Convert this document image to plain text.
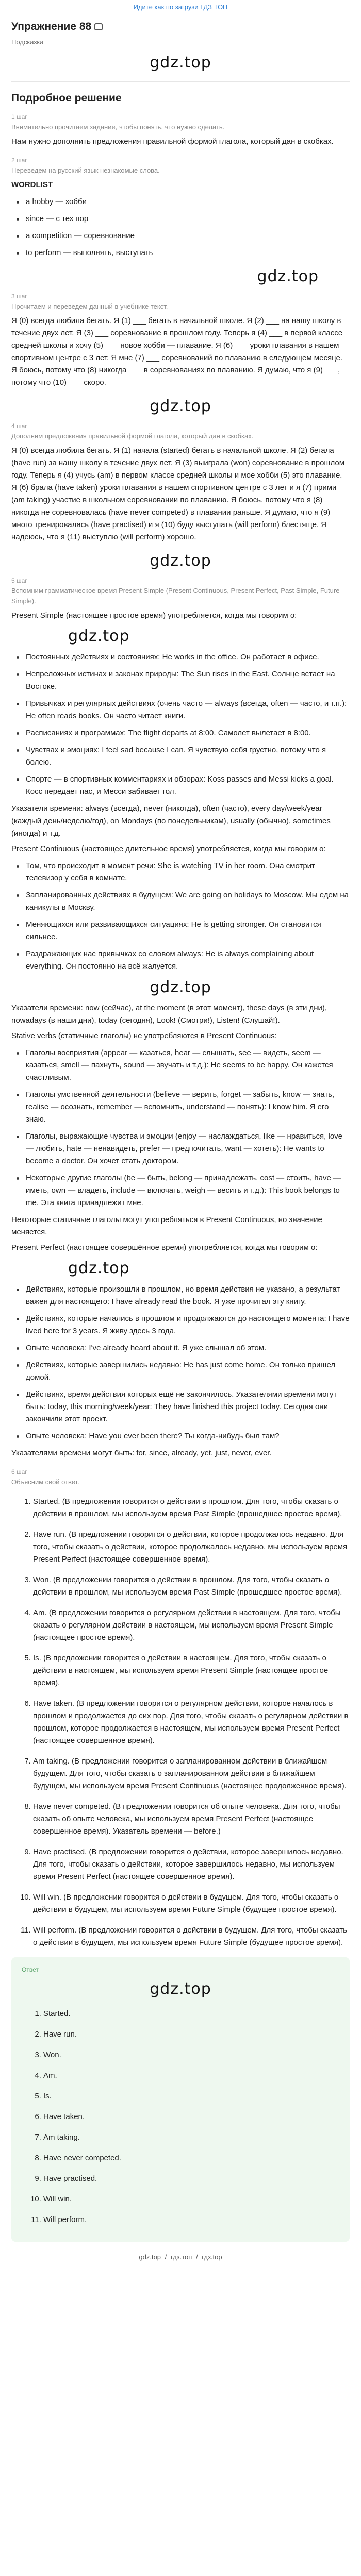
Идите как по загрузи ГДЗ ТОП
Упражнение 88
Подсказка
gdz.top
Подробное решение
1 шаг
Внимательно прочитаем задание, чтобы понять, что нужно сделать.
Нам нужно дополнить предложения правильной формой глагола, который дан в скобках.
2 шаг
Переведем на русский язык незнакомые слова.
WORDLIST
a hobby — хобби
since — с тех пор
a competition — соревнование
to perform — выполнять, выступать
gdz.top
3 шаг
Прочитаем и переведем данный в учебнике текст.
Я (0) всегда любила бегать. Я (1) ___ бегать в начальной школе. Я (2) ___ на нашу школу в течение двух лет. Я (3) ___ соревнование в прошлом году. Теперь я (4) ___ в первой классе средней школы и хочу (5) ___ новое хобби — плавание. Я (6) ___ уроки плавания в нашем спортивном центре с 3 лет. Я мне (7) ___ соревнований по плаванию в следующем месяце. Я боюсь, потому что (8) никогда ___ в соревнованиях по плаванию. Я думаю, что я (9) ___, потому что (10) ___ скоро.
gdz.top
4 шаг
Дополним предложения правильной формой глагола, который дан в скобках.
Я (0) всегда любила бегать. Я (1) начала (started) бегать в начальной школе. Я (2) бегала (have run) за нашу школу в течение двух лет. Я (3) выиграла (won) соревнование в прошлом году. Теперь я (4) учусь (am) в первом классе средней школы и мое хобби (5) это плавание. Я (6) брала (have taken) уроки плавания в нашем спортивном центре с 3 лет и я (7) прими (am taking) участие в школьном соревновании по плаванию. Я боюсь, потому что я (8) никогда не соревновалась (have never competed) в плавании раньше. Я думаю, что я (9) много тренировалась (have practised) и я (10) буду выступать (will perform) блестяще. Я надеюсь, что я (11) выступлю (will perform) хорошо.
gdz.top
5 шаг
Вспомним грамматическое время Present Simple (Present Continuous, Present Perfect, Past Simple, Future Simple).
Present Simple (настоящее простое время) употребляется, когда мы говорим о:
gdz.top
Постоянных действиях и состояниях: He works in the office. Он работает в офисе.
Непреложных истинах и законах природы: The Sun rises in the East. Солнце встает на Востоке.
Привычках и регулярных действиях (очень часто — always (всегда, often — часто, и т.п.): He often reads books. Он часто читает книги.
Расписаниях и программах: The flight departs at 8:00. Самолет вылетает в 8:00.
Чувствах и эмоциях: I feel sad because I can. Я чувствую себя грустно, потому что я болею.
Спорте — в спортивных комментариях и обзорах: Koss passes and Messi kicks a goal. Косс передает пас, и Месси забивает гол.
Указатели времени: always (всегда), never (никогда), often (часто), every day/week/year (каждый день/неделю/год), on Mondays (по понедельникам), usually (обычно), sometimes (иногда) и т.д.
Present Continuous (настоящее длительное время) употребляется, когда мы говорим о:
Том, что происходит в момент речи: She is watching TV in her room. Она смотрит телевизор у себя в комнате.
Запланированных действиях в будущем: We are going on holidays to Moscow. Мы едем на каникулы в Москву.
Меняющихся или развивающихся ситуациях: He is getting stronger. Он становится сильнее.
Раздражающих нас привычках со словом always: He is always complaining about everything. Он постоянно на всё жалуется.
gdz.top
Указатели времени: now (сейчас), at the moment (в этот момент), these days (в эти дни), nowadays (в наши дни), today (сегодня), Look! (Смотри!), Listen! (Слушай!).
Stative verbs (статичные глаголы) не употребляются в Present Continuous:
Глаголы восприятия (appear — казаться, hear — слышать, see — видеть, seem — казаться, smell — пахнуть, sound — звучать и т.д.): He seems to be happy. Он кажется счастливым.
Глаголы умственной деятельности (believe — верить, forget — забыть, know — знать, realise — осознать, remember — вспомнить, understand — понять): I know him. Я его знаю.
Глаголы, выражающие чувства и эмоции (enjoy — наслаждаться, like — нравиться, love — любить, hate — ненавидеть, prefer — предпочитать, want — хотеть): He wants to become a doctor. Он хочет стать доктором.
Некоторые другие глаголы (be — быть, belong — принадлежать, cost — стоить, have — иметь, own — владеть, include — включать, weigh — весить и т.д.): This book belongs to me. Эта книга принадлежит мне.
Некоторые статичные глаголы могут употребляться в Present Continuous, но значение меняется.
Present Perfect (настоящее совершённое время) употребляется, когда мы говорим о:
gdz.top
Действиях, которые произошли в прошлом, но время действия не указано, а результат важен для настоящего: I have already read the book. Я уже прочитал эту книгу.
Действиях, которые начались в прошлом и продолжаются до настоящего момента: I have lived here for 3 years. Я живу здесь 3 года.
Опыте человека: I've already heard about it. Я уже слышал об этом.
Действиях, которые завершились недавно: He has just come home. Он только пришел домой.
Действиях, время действия которых ещё не закончилось. Указателями времени могут быть: today, this morning/week/year: They have finished this project today. Сегодня они закончили этот проект.
Опыте человека: Have you ever been there? Ты когда-нибудь был там?
Указателями времени могут быть: for, since, already, yet, just, never, ever.
6 шаг
Объясним свой ответ.
1. Started. (В предложении говорится о действии в прошлом. Для того, чтобы сказать о действии в прошлом, мы используем время Past Simple (прошедшее простое время).
2. Have run. (В предложении говорится о действии, которое продолжалось недавно. Для того, чтобы сказать о действии, которое продолжалось недавно, мы используем время Present Perfect (настоящее совершенное время).
3. Won. (В предложении говорится о действии в прошлом. Для того, чтобы сказать о действии в прошлом, мы используем время Past Simple (прошедшее простое время).
4. Am. (В предложении говорится о регулярном действии в настоящем. Для того, чтобы сказать о регулярном действии в настоящем, мы используем время Present Simple (настоящее простое время).
5. Is. (В предложении говорится о действии в настоящем. Для того, чтобы сказать о действии в настоящем, мы используем время Present Simple (настоящее простое время).
6. Have taken. (В предложении говорится о регулярном действии, которое началось в прошлом и продолжается до сих пор. Для того, чтобы сказать о регулярном действии в прошлом, которое продолжается в настоящем, мы используем время Present Perfect (настоящее совершенное время).
7. Am taking. (В предложении говорится о запланированном действии в ближайшем будущем. Для того, чтобы сказать о запланированном действии в ближайшем будущем, мы используем время Present Continuous (настоящее продолженное время).
8. Have never competed. (В предложении говорится об опыте человека. Для того, чтобы сказать об опыте человека, мы используем время Present Perfect (настоящее совершенное время). Указатель времени — before.)
9. Have practised. (В предложении говорится о действии, которое завершилось недавно. Для того, чтобы сказать о действии, которое завершилось недавно, мы используем время Present Perfect (настоящее совершенное время).
10. Will win. (В предложении говорится о действии в будущем. Для того, чтобы сказать о действии в будущем, мы используем время Future Simple (будущее простое время).
11. Will perform. (В предложении говорится о действии в будущем. Для того, чтобы сказать о действии в будущем, мы используем время Future Simple (будущее простое время).
Ответ
gdz.top
1. Started.
2. Have run.
3. Won.
4. Am.
5. Is.
6. Have taken.
7. Am taking.
8. Have never competed.
9. Have practised.
10. Will win.
11. Will perform.
gdz.top / гдз.топ / гдз.top
